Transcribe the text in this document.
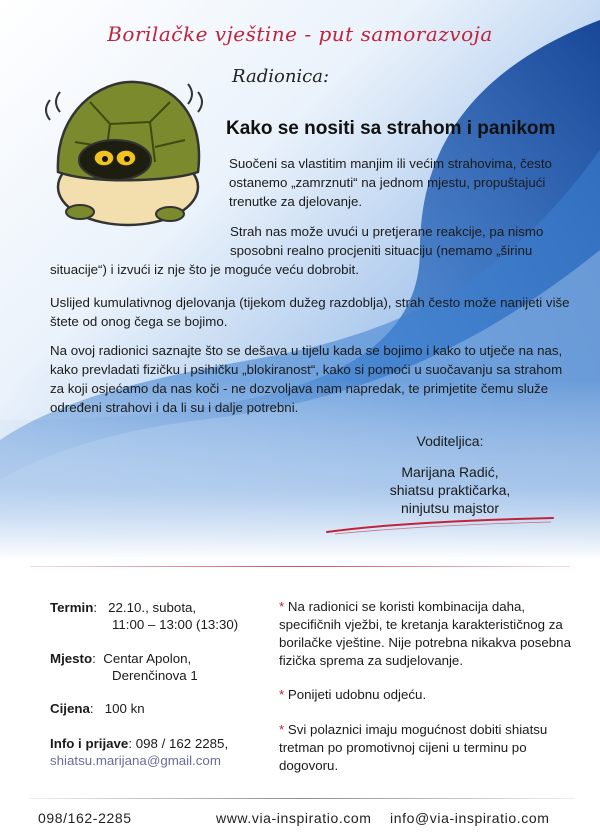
Borilačke vještine - put samorazvoja
Radionica:
Kako se nositi sa strahom i panikom
Suočeni sa vlastitim manjim ili većim strahovima, često ostanemo „zamrznuti“ na jednom mjestu, propuštajući trenutke za djelovanje.
Strah nas može uvući u pretjerane reakcije, pa nismo sposobni realno procjeniti situaciju (nemamo „širinu
situacije“) i izvući iz nje što je moguće veću dobrobit.
Uslijed kumulativnog djelovanja (tijekom dužeg razdoblja), strah često može nanijeti više štete od onog čega se bojimo.
Na ovoj radionici saznajte što se dešava u tijelu kada se bojimo i kako to utječe na nas, kako prevladati fizičku i psihičku „blokiranost“, kako si pomoći u suočavanju sa strahom za koji osjećamo da nas koči - ne dozvoljava nam napredak, te primjetite čemu služe određeni strahovi i da li su i dalje potrebni.
Voditeljica:
Marijana Radić,
shiatsu praktičarka,
ninjutsu majstor
Termin:   22.10., subota,
11:00 – 13:00 (13:30)
Mjesto:  Centar Apolon,
Derenčinova 1
Cijena:   100 kn
Info i prijave: 098 / 162 2285,
shiatsu.marijana@gmail.com
* Na radionici se koristi kombinacija daha, specifičnih vježbi, te kretanja karakterističnog za borilačke vještine. Nije potrebna nikakva posebna fizička sprema za sudjelovanje.
* Ponijeti udobnu odjeću.
* Svi polaznici imaju mogućnost dobiti shiatsu tretman po promotivnoj cijeni u terminu po dogovoru.
098/162-2285	www.via-inspiratio.com info@via-inspiratio.com
